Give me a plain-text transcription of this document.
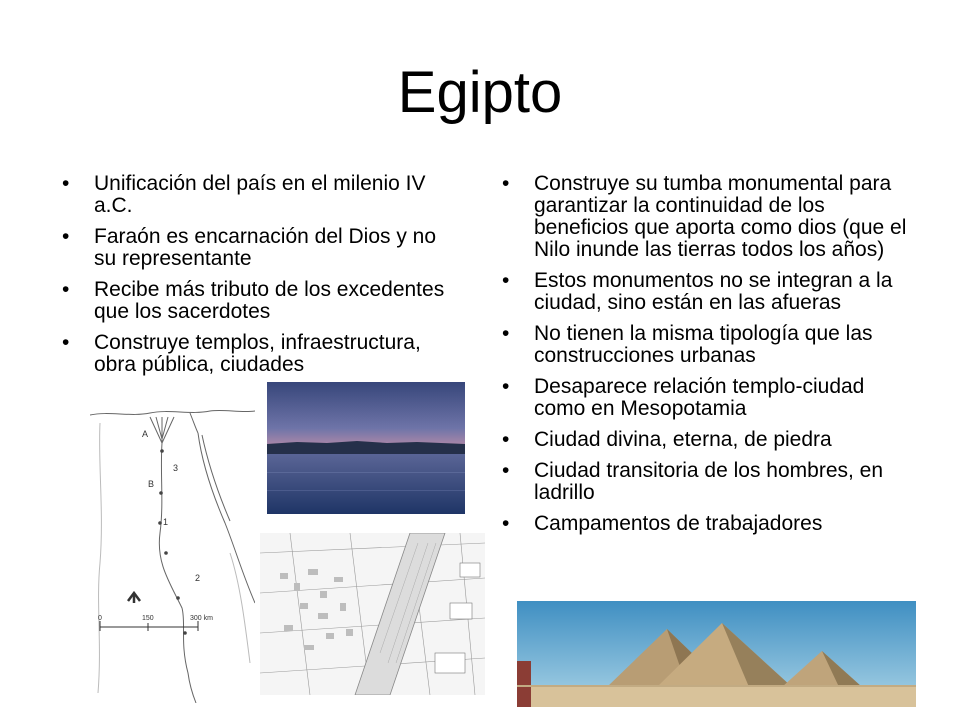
Egipto
• Unificación del país en el milenio IV a.C.
• Faraón es encarnación del Dios y no su representante
• Recibe más tributo de los excedentes que los sacerdotes
• Construye templos, infraestructura, obra pública, ciudades
• Construye su tumba monumental para garantizar la continuidad de los beneficios que aporta como dios (que el Nilo inunde las tierras todos los años)
• Estos monumentos no se integran a la ciudad, sino están en las afueras
• No tienen la misma tipología que las construcciones urbanas
• Desaparece relación templo-ciudad como en Mesopotamia
• Ciudad divina, eterna, de piedra
• Ciudad transitoria de los hombres, en ladrillo
• Campamentos de trabajadores
A
B
3
1
2
0	150	300 km
